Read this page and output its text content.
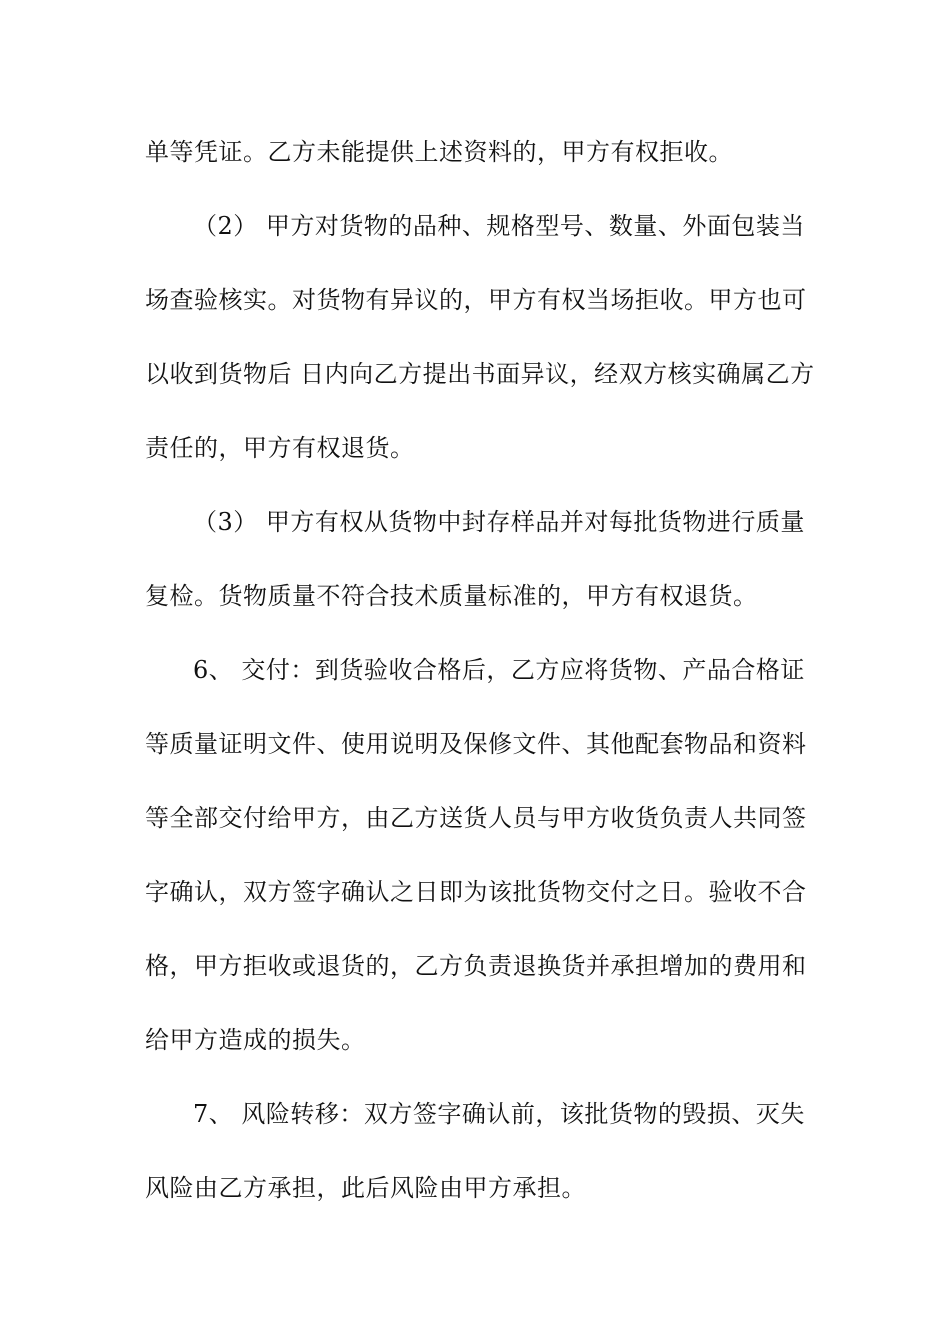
单等凭证。乙方未能提供上述资料的，甲方有权拒收。
（2） 甲方对货物的品种、规格型号、数量、外面包装当
场查验核实。对货物有异议的，甲方有权当场拒收。甲方也可
以收到货物后 日内向乙方提出书面异议，经双方核实确属乙方
责任的，甲方有权退货。
（3） 甲方有权从货物中封存样品并对每批货物进行质量
复检。货物质量不符合技术质量标准的，甲方有权退货。
6、 交付：到货验收合格后，乙方应将货物、产品合格证
等质量证明文件、使用说明及保修文件、其他配套物品和资料
等全部交付给甲方，由乙方送货人员与甲方收货负责人共同签
字确认，双方签字确认之日即为该批货物交付之日。验收不合
格，甲方拒收或退货的，乙方负责退换货并承担增加的费用和
给甲方造成的损失。
7、 风险转移：双方签字确认前，该批货物的毁损、灭失
风险由乙方承担，此后风险由甲方承担。
